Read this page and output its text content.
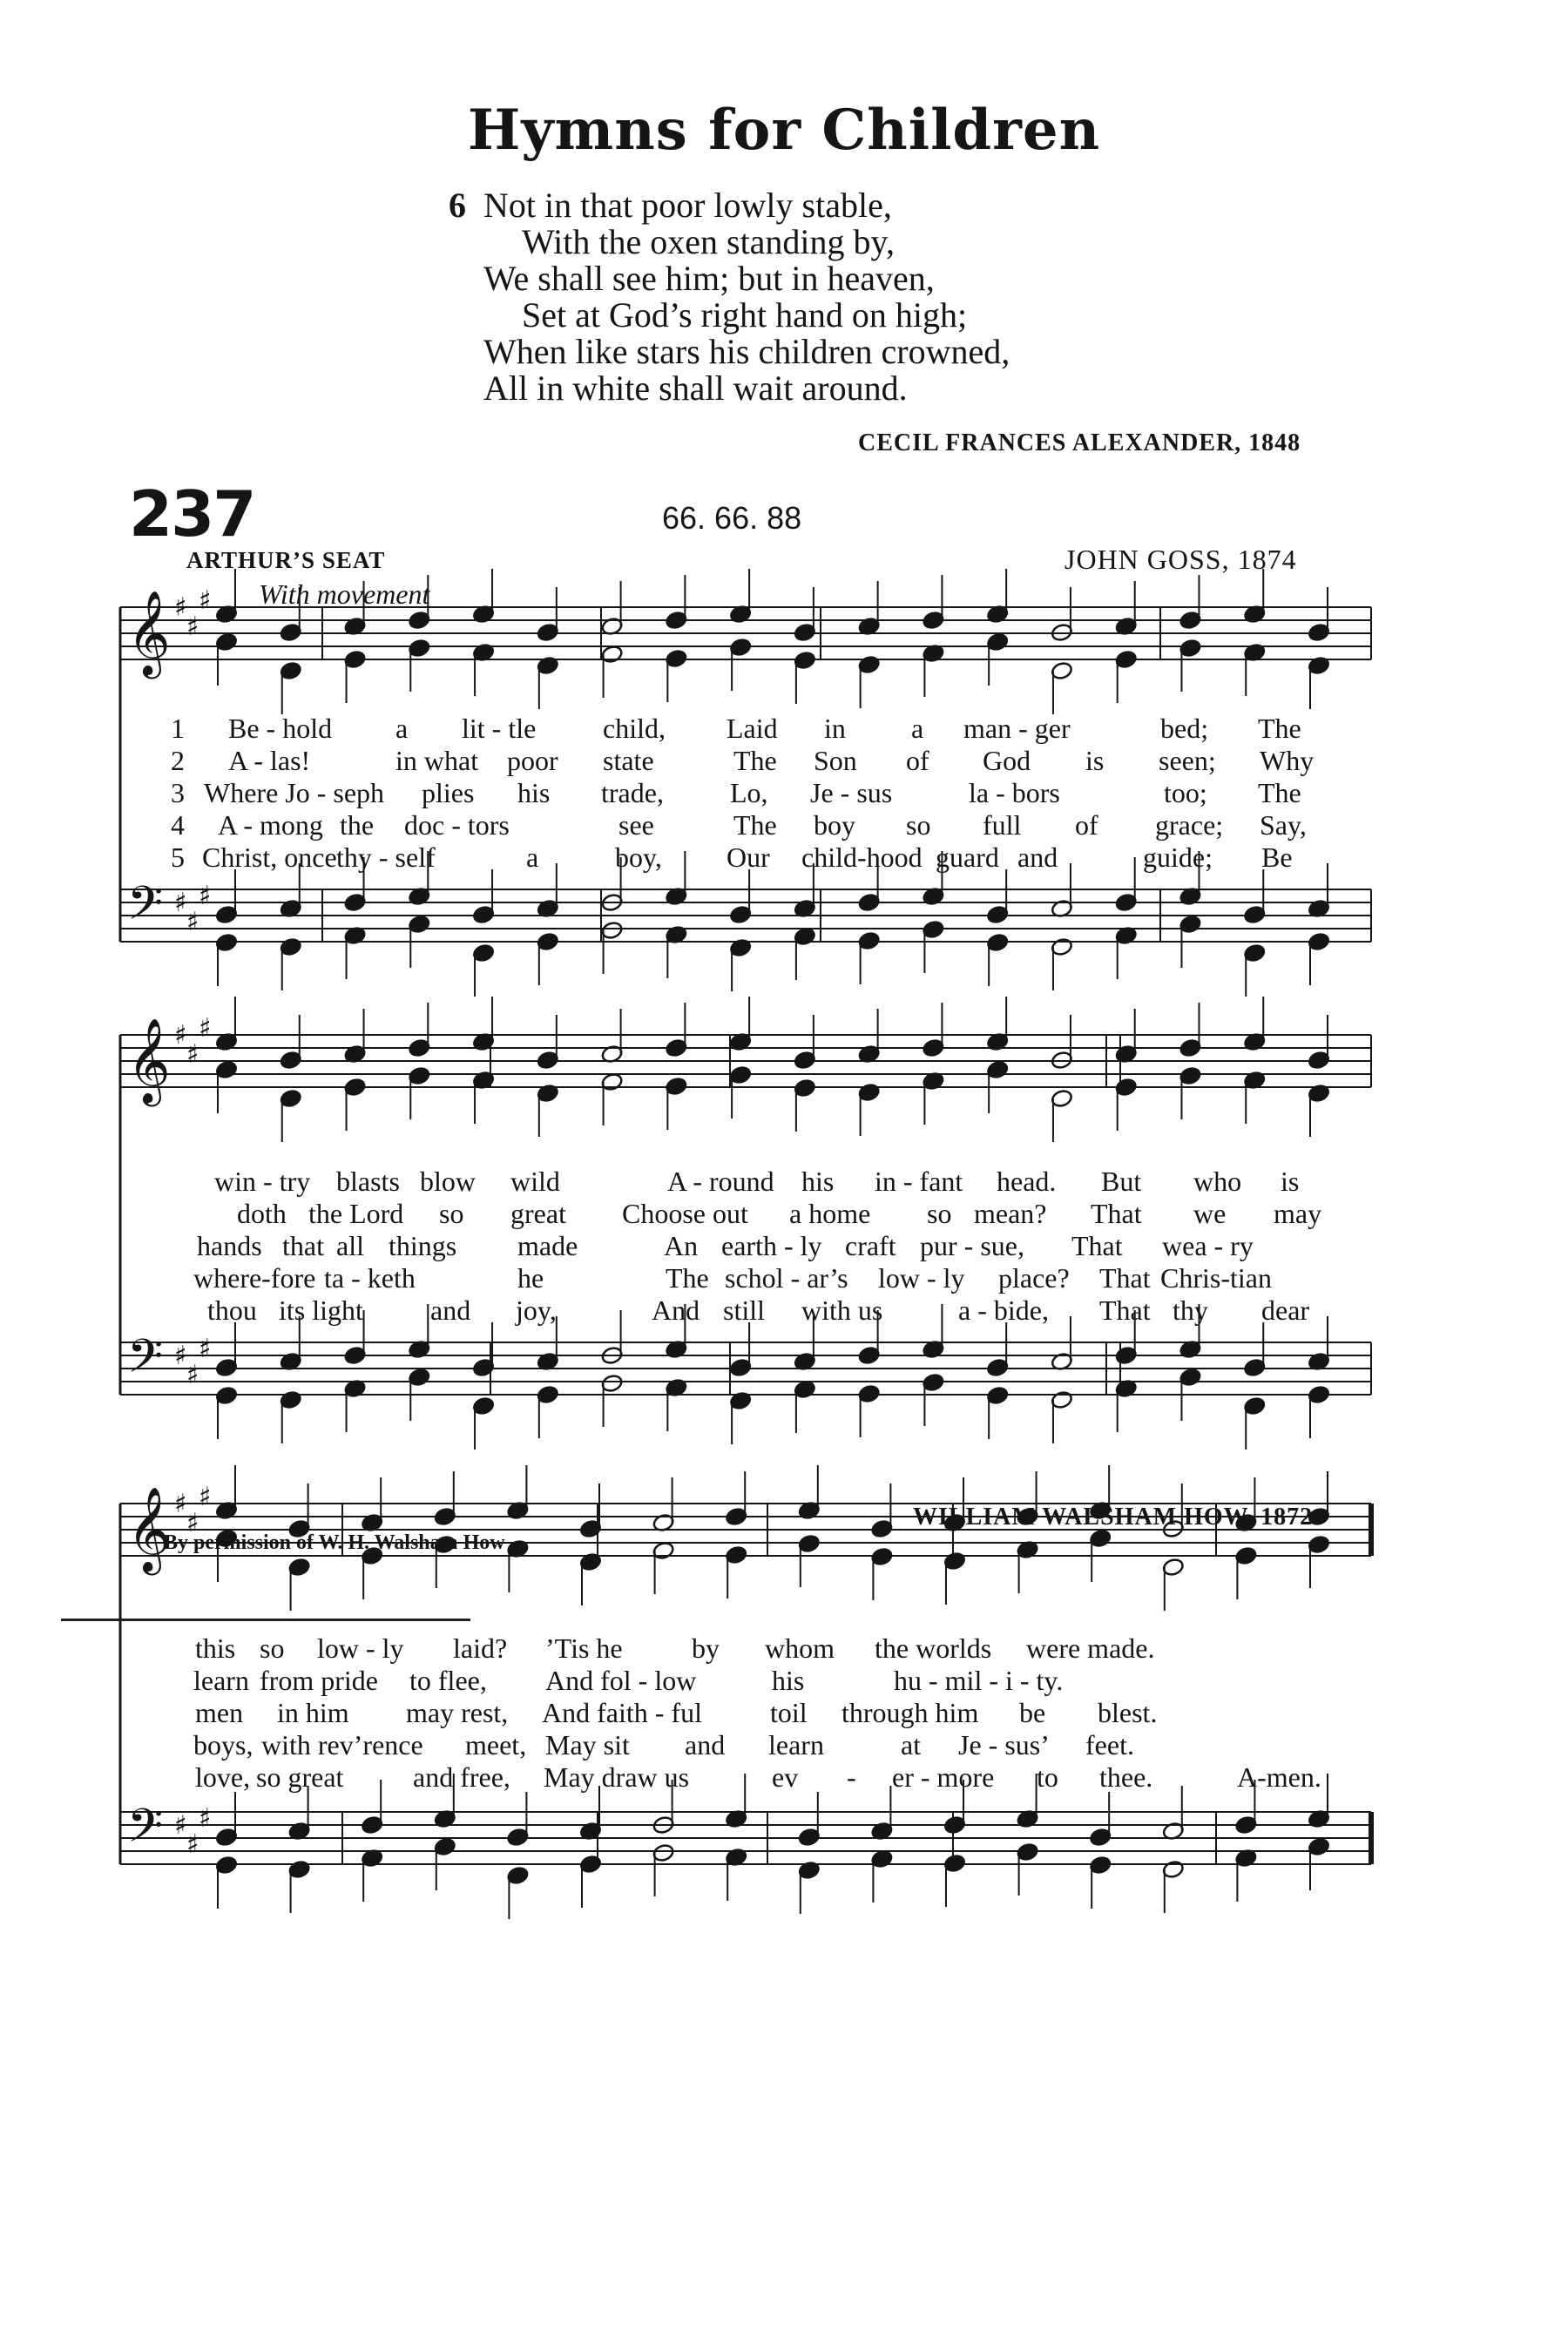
Hymns for Children
6 Not in that poor lowly stable,
With the oxen standing by,
We shall see him; but in heaven,
Set at God’s right hand on high;
When like stars his children crowned,
All in white shall wait around.
CECIL FRANCES ALEXANDER, 1848
237	66. 66. 88
ARTHUR’S SEAT	JOHN GOSS, 1874
With movement
𝄞 ♯
♯
♯
𝄢 ♯
♯
♯
𝄞 ♯
♯
♯
𝄢 ♯
♯
♯
𝄞 ♯
♯
♯
𝄢 ♯
♯
♯
1 Be - hold a lit - tle child, Laid in a man - ger	bed; The
2 A - las!	in what poor state	The Son of God is seen; Why
3 Where Jo - seph plies his trade, Lo, Je - sus	la - bors	too; The
4 A - mong the doc - tors	see	The boy so full of grace; Say,
5 Christ, once thy - self	a	boy, Our child-hood guard and	guide; Be
win - try blasts blow wild	A - round his in - fant head. But who is
doth the Lord so great Choose out a home so mean? That we may
hands that all things made	An earth - ly craft pur - sue, That wea - ry
where-fore ta - keth	he	The schol - ar’s low - ly place? That Chris-tian
thou its light and joy,	And still with us	a - bide, That thy dear
this so low - ly laid? ’Tis he by whom the worlds were made.
learn from pride to flee, And fol - low	his	hu - mil - i - ty.
men in him may rest, And faith - ful toil through him be blest.
boys, with rev’rence meet, May sit and learn	at Je - sus’ feet.
love, so great and free, May draw us	ev - er - more to thee.	A-men.
WILLIAM WALSHAM HOW, 1872
By permission of W. H. Walsham How
